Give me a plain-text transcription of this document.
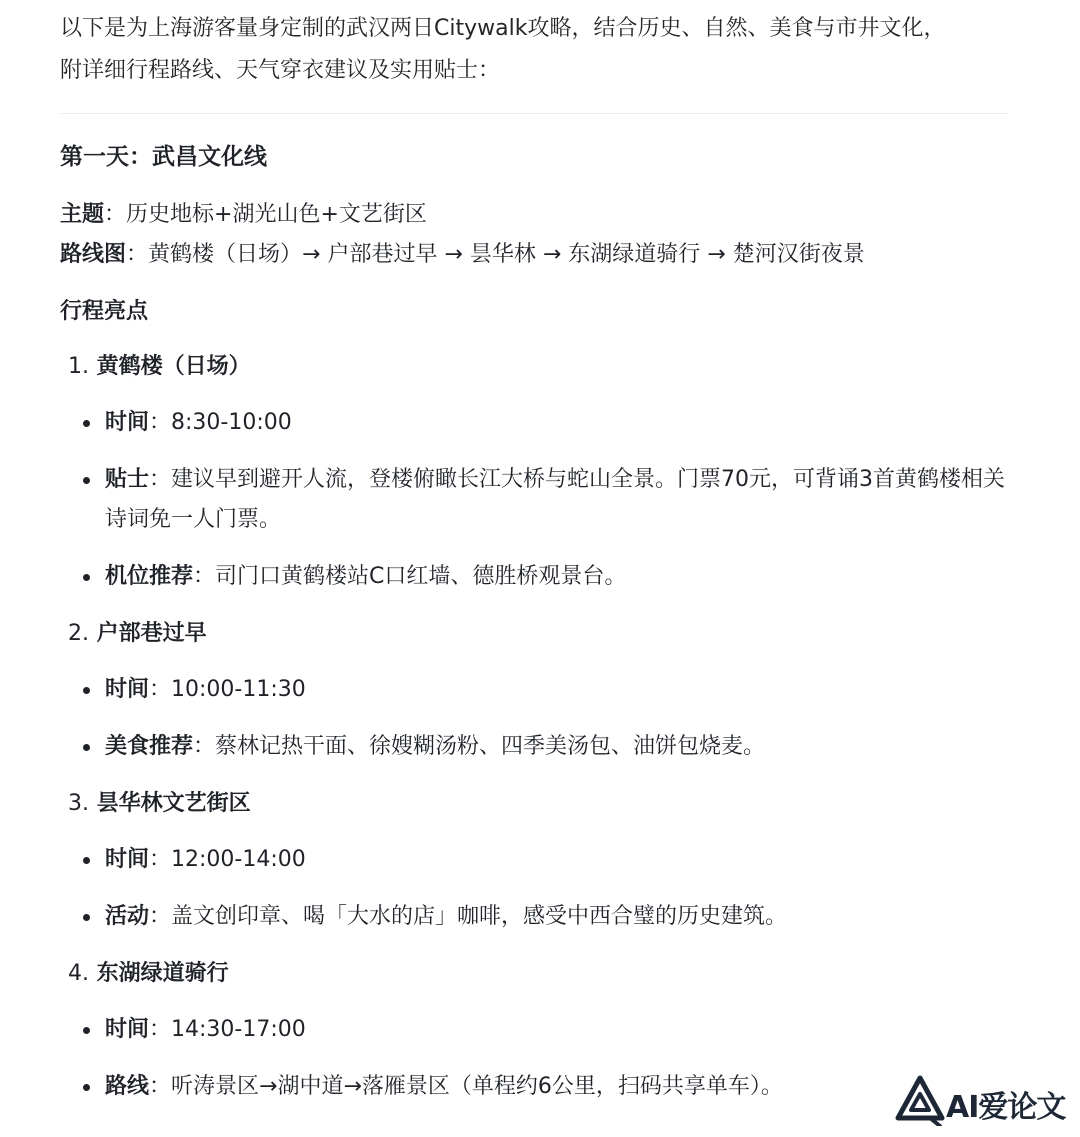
以下是为上海游客量身定制的武汉两日Citywalk攻略，结合历史、自然、美食与市井文化，
附详细行程路线、天气穿衣建议及实用贴士：

第一天：武昌文化线
主题：历史地标+湖光山色+文艺街区
路线图：黄鹤楼（日场）→ 户部巷过早 → 昙华林 → 东湖绿道骑行 → 楚河汉街夜景
行程亮点
1. 黄鹤楼（日场）
时间：8:30-10:00
贴士：建议早到避开人流，登楼俯瞰长江大桥与蛇山全景。门票70元，可背诵3首黄鹤楼相关诗词免一人门票。
机位推荐：司门口黄鹤楼站C口红墙、德胜桥观景台。
2. 户部巷过早
时间：10:00-11:30
美食推荐：蔡林记热干面、徐嫂糊汤粉、四季美汤包、油饼包烧麦。
3. 昙华林文艺街区
时间：12:00-14:00
活动：盖文创印章、喝「大水的店」咖啡，感受中西合璧的历史建筑。
4. 东湖绿道骑行
时间：14:30-17:00
路线：听涛景区→湖中道→落雁景区（单程约6公里，扫码共享单车）。
AI爱论文
